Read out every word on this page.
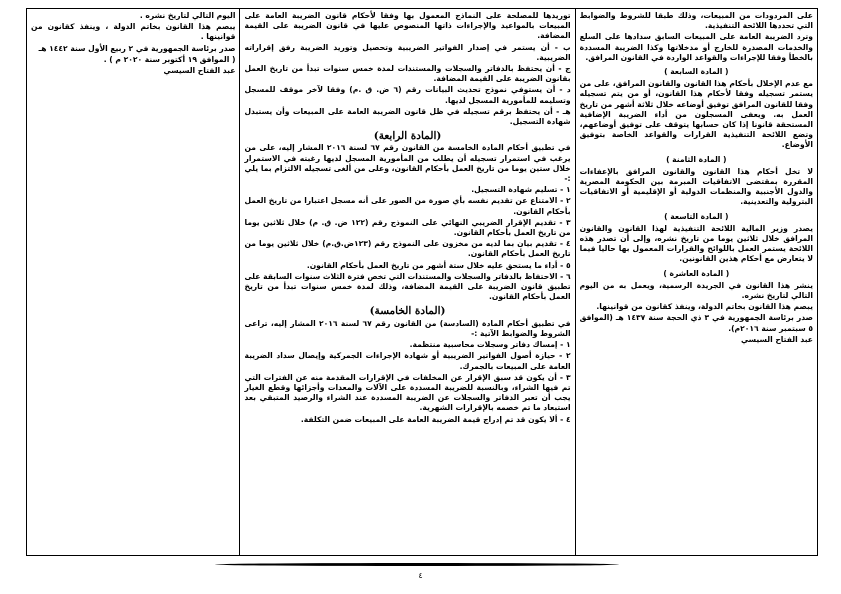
على المردودات من المبيعات، وذلك طبقا للشروط والضوابط التي تحددها اللائحة التنفيذية.

وترد الضريبة العامة على المبيعات السابق سدادها على السلع والخدمات المصدرة للخارج أو مدخلاتها وكذا الضريبة المسددة بالخطأ وفقا للإجراءات والقواعد الواردة في القانون المرافق.

( المادة السابعة )

مع عدم الإخلال بأحكام هذا القانون والقانون المرافق، على من يستمر تسجيله وفقا لأحكام هذا القانون، أو من يتم تسجيله وفقا للقانون المرافق توفيق أوضاعه خلال ثلاثة أشهر من تاريخ العمل به. ويعفى المسجلون من أداء الضريبة الإضافية المستحقة قانونا إذا كان حسابها يتوقف على توفيق أوضاعهم، وتضع اللائحة التنفيذية القرارات والقواعد الخاصة بتوفيق الأوضاع.

( المادة الثامنة )

لا تخل أحكام هذا القانون والقانون المرافق بالإعفاءات المقررة بمقتضى الاتفاقيات المبرمة بين الحكومة المصرية والدول الأجنبية والمنظمات الدولية أو الإقليمية أو الاتفاقيات البترولية والتعدينية.

( المادة التاسعة )

يصدر وزير المالية اللائحة التنفيذية لهذا القانون والقانون المرافق خلال ثلاثين يوما من تاريخ نشره، وإلى أن تصدر هذه اللائحة يستمر العمل باللوائح والقرارات المعمول بها حاليا فيما لا يتعارض مع أحكام هذين القانونين.

( المادة العاشرة )

ينشر هذا القانون في الجريدة الرسمية، ويعمل به من اليوم التالي لتاريخ نشره.

يبصم هذا القانون بخاتم الدولة، وينفذ كقانون من قوانينها.

صدر برئاسة الجمهورية في ٣ ذي الحجة سنة ١٤٣٧ هـ (الموافق ٥ سبتمبر سنة ٢٠١٦م).

عبد الفتاح السيسي

توريدها للمصلحة على النماذج المعمول بها وفقا لأحكام قانون الضريبة العامة على المبيعات بالمواعيد والإجراءات ذاتها المنصوص عليها في قانون الضريبة على القيمة المضافة.

ب - أن يستمر في إصدار الفواتير الضريبية وتحصيل وتوريد الضريبة رفق إقراراته الضريبية.

ج - أن يحتفظ بالدفاتر والسجلات والمستندات لمدة خمس سنوات تبدأ من تاريخ العمل بقانون الضريبة على القيمة المضافة.

د - أن يستوفي نموذج تحديث البيانات رقم (٦ ض. ق .م) وفقا لآخر موقف للمسجل وتسليمه للمأمورية المسجل لديها.

هـ - أن يحتفظ برقم تسجيله في ظل قانون الضريبة العامة على المبيعات وأن يستبدل شهادة التسجيل.

(المادة الرابعة)

في تطبيق أحكام المادة الخامسة من القانون رقم ٦٧ لسنة ٢٠١٦ المشار إليه، على من يرغب في استمرار تسجيله أن يطلب من المأمورية المسجل لديها رغبته في الاستمرار خلال ستين يوما من تاريخ العمل بأحكام القانون، وعلى من ألغى تسجيله الالتزام بما يلي :-

١ - تسليم شهادة التسجيل.

٢ - الامتناع عن تقديم نفسه بأي صورة من الصور على أنه مسجل اعتبارا من تاريخ العمل بأحكام القانون.

٣ - تقديم الإقرار الضريبي النهائي على النموذج رقم (١٢٢ ض. ق. م) خلال ثلاثين يوما من تاريخ العمل بأحكام القانون.

٤ - تقديم بيان بما لديه من مخزون على النموذج رقم (١٢٣ض.ق.م) خلال ثلاثين يوما من تاريخ العمل بأحكام القانون.

٥ - أداء ما يستحق عليه خلال ستة أشهر من تاريخ العمل بأحكام القانون.

٦ - الاحتفاظ بالدفاتر والسجلات والمستندات التي تخص فترة الثلاث سنوات السابقة على تطبيق قانون الضريبة على القيمة المضافة، وذلك لمدة خمس سنوات تبدأ من تاريخ العمل بأحكام القانون.

(المادة الخامسة)

في تطبيق أحكام المادة (السادسة) من القانون رقم ٦٧ لسنة ٢٠١٦ المشار إليه، تراعى الشروط والضوابط الآتية :-

١ - إمساك دفاتر وسجلات محاسبية منتظمة.

٢ - حيازة أصول الفواتير الضريبية أو شهادة الإجراءات الجمركية وإيصال سداد الضريبة العامة على المبيعات بالجمرك.

٣ - أن يكون قد سبق الإقرار عن المخلفات في الإقرارات المقدمة منه عن الفترات التي تم فيها الشراء، وبالنسبة للضريبة المسددة على الآلات والمعدات وأجزائها وقطع الغيار يجب أن تعبر الدفاتر والسجلات عن الضريبة المسددة عند الشراء والرصيد المتبقي بعد استبعاد ما تم خصمه بالإقرارات الشهرية.

٤ - ألا يكون قد تم إدراج قيمة الضريبة العامة على المبيعات ضمن التكلفة.

اليوم التالي لتاريخ نشره .

يبصم هذا القانون بخاتم الدولة ، وينفذ كقانون من قوانينها .

صدر برئاسة الجمهورية في ٢ ربيع الأول سنة ١٤٤٢ هـ

( الموافق ١٩ أكتوبر سنة ٢٠٢٠ م ) .

عبد الفتاح السيسي

٤
